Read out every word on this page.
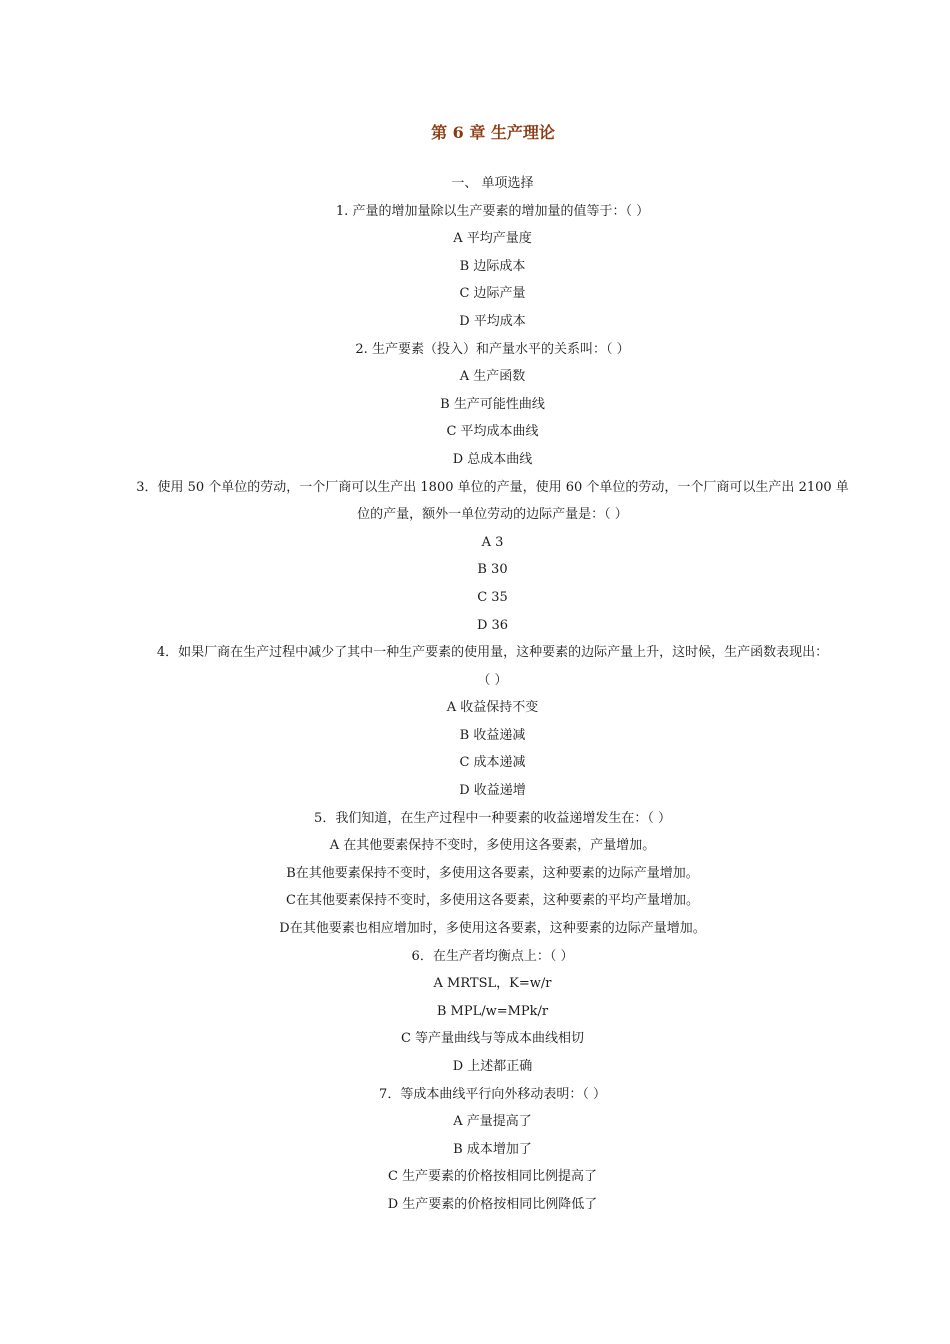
第 6 章 生产理论
一、 单项选择
1. 产量的增加量除以生产要素的增加量的值等于：（ ）
A 平均产量度
B 边际成本
C 边际产量
D 平均成本
2. 生产要素（投入）和产量水平的关系叫：（ ）
A 生产函数
B 生产可能性曲线
C 平均成本曲线
D 总成本曲线
3．使用 50 个单位的劳动，一个厂商可以生产出 1800 单位的产量，使用 60 个单位的劳动，一个厂商可以生产出 2100 单
位的产量，额外一单位劳动的边际产量是：（ ）
A 3
B 30
C 35
D 36
4．如果厂商在生产过程中减少了其中一种生产要素的使用量，这种要素的边际产量上升，这时候，生产函数表现出：
（ ）
A 收益保持不变
B 收益递减
C 成本递减
D 收益递增
5．我们知道，在生产过程中一种要素的收益递增发生在：（ ）
A 在其他要素保持不变时，多使用这各要素，产量增加。
B在其他要素保持不变时，多使用这各要素，这种要素的边际产量增加。
C在其他要素保持不变时，多使用这各要素，这种要素的平均产量增加。
D在其他要素也相应增加时，多使用这各要素，这种要素的边际产量增加。
6．在生产者均衡点上：（ ）
A MRTSL，K=w/r
B MPL/w=MPk/r
C 等产量曲线与等成本曲线相切
D 上述都正确
7．等成本曲线平行向外移动表明：（ ）
A 产量提高了
B 成本增加了
C 生产要素的价格按相同比例提高了
D 生产要素的价格按相同比例降低了
